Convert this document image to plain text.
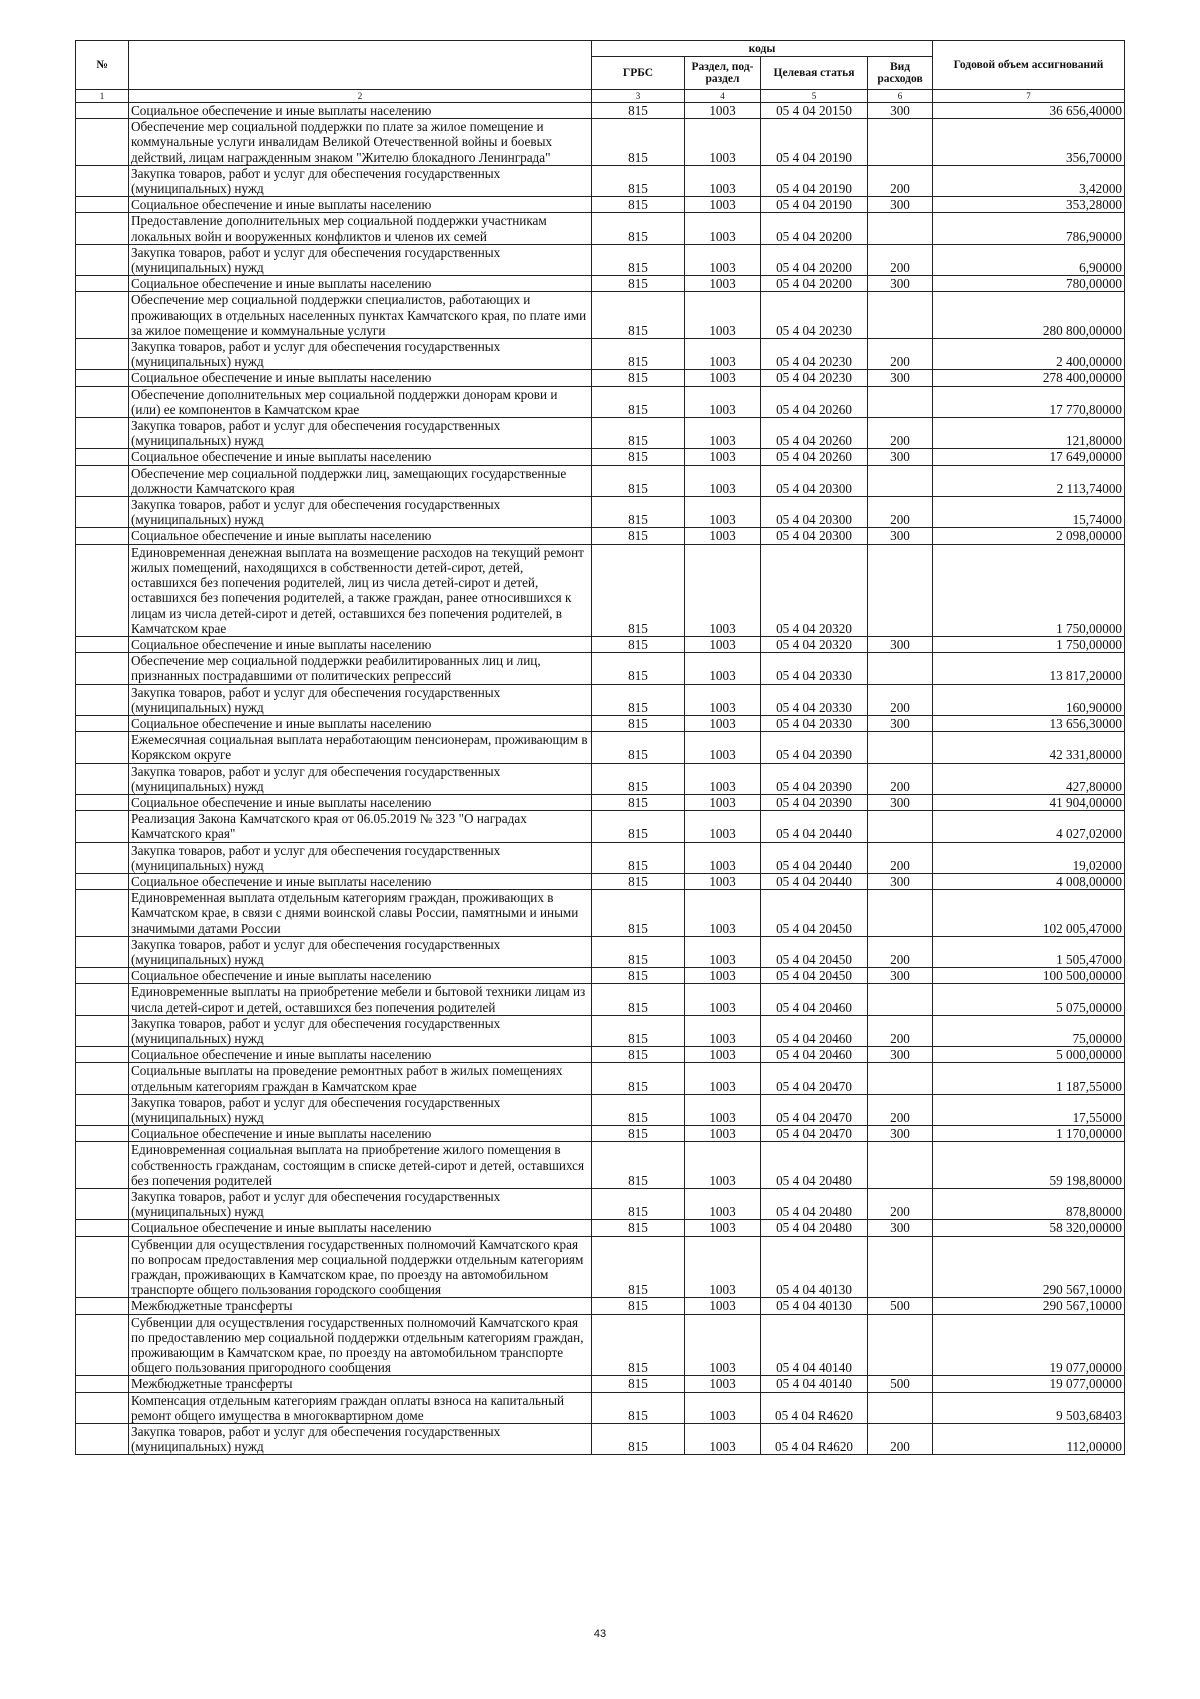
№		коды				Годовой объем ассигнований
		ГРБС	Раздел, под-раздел	Целевая статья	Вид расходов	
1	2	3	4	5	6	7
	Социальное обеспечение и иные выплаты населению	815	1003	05 4 04 20150	300	36 656,40000
	Обеспечение мер социальной поддержки по плате за жилое помещение и коммунальные услуги инвалидам Великой Отечественной войны и боевых действий, лицам награжденным знаком "Жителю блокадного Ленинграда"	815	1003	05 4 04 20190		356,70000
	Закупка товаров, работ и услуг для обеспечения государственных (муниципальных) нужд	815	1003	05 4 04 20190	200	3,42000
	Социальное обеспечение и иные выплаты населению	815	1003	05 4 04 20190	300	353,28000
	Предоставление дополнительных мер социальной поддержки участникам локальных войн и вооруженных конфликтов и членов их семей	815	1003	05 4 04 20200		786,90000
	Закупка товаров, работ и услуг для обеспечения государственных (муниципальных) нужд	815	1003	05 4 04 20200	200	6,90000
	Социальное обеспечение и иные выплаты населению	815	1003	05 4 04 20200	300	780,00000
	Обеспечение мер социальной поддержки специалистов, работающих и проживающих в отдельных населенных пунктах Камчатского края, по плате ими за жилое помещение и коммунальные услуги	815	1003	05 4 04 20230		280 800,00000
	Закупка товаров, работ и услуг для обеспечения государственных (муниципальных) нужд	815	1003	05 4 04 20230	200	2 400,00000
	Социальное обеспечение и иные выплаты населению	815	1003	05 4 04 20230	300	278 400,00000
	Обеспечение дополнительных мер социальной поддержки донорам крови и (или) ее компонентов в Камчатском крае	815	1003	05 4 04 20260		17 770,80000
	Закупка товаров, работ и услуг для обеспечения государственных (муниципальных) нужд	815	1003	05 4 04 20260	200	121,80000
	Социальное обеспечение и иные выплаты населению	815	1003	05 4 04 20260	300	17 649,00000
	Обеспечение мер социальной поддержки лиц, замещающих государственные должности Камчатского края	815	1003	05 4 04 20300		2 113,74000
	Закупка товаров, работ и услуг для обеспечения государственных (муниципальных) нужд	815	1003	05 4 04 20300	200	15,74000
	Социальное обеспечение и иные выплаты населению	815	1003	05 4 04 20300	300	2 098,00000
	Единовременная денежная выплата на возмещение расходов на текущий ремонт жилых помещений, находящихся в собственности детей-сирот, детей, оставшихся без попечения родителей, лиц из числа детей-сирот и детей, оставшихся без попечения родителей, а также граждан, ранее относившихся к лицам из числа детей-сирот и детей, оставшихся без попечения родителей, в Камчатском крае	815	1003	05 4 04 20320		1 750,00000
	Социальное обеспечение и иные выплаты населению	815	1003	05 4 04 20320	300	1 750,00000
	Обеспечение мер социальной поддержки реабилитированных лиц и лиц, признанных пострадавшими от политических репрессий	815	1003	05 4 04 20330		13 817,20000
	Закупка товаров, работ и услуг для обеспечения государственных (муниципальных) нужд	815	1003	05 4 04 20330	200	160,90000
	Социальное обеспечение и иные выплаты населению	815	1003	05 4 04 20330	300	13 656,30000
	Ежемесячная социальная выплата неработающим пенсионерам, проживающим в Корякском округе	815	1003	05 4 04 20390		42 331,80000
	Закупка товаров, работ и услуг для обеспечения государственных (муниципальных) нужд	815	1003	05 4 04 20390	200	427,80000
	Социальное обеспечение и иные выплаты населению	815	1003	05 4 04 20390	300	41 904,00000
	Реализация Закона Камчатского края от 06.05.2019 № 323 "О наградах Камчатского края"	815	1003	05 4 04 20440		4 027,02000
	Закупка товаров, работ и услуг для обеспечения государственных (муниципальных) нужд	815	1003	05 4 04 20440	200	19,02000
	Социальное обеспечение и иные выплаты населению	815	1003	05 4 04 20440	300	4 008,00000
	Единовременная выплата отдельным категориям граждан, проживающих в Камчатском крае, в связи с днями воинской славы России, памятными и иными значимыми датами России	815	1003	05 4 04 20450		102 005,47000
	Закупка товаров, работ и услуг для обеспечения государственных (муниципальных) нужд	815	1003	05 4 04 20450	200	1 505,47000
	Социальное обеспечение и иные выплаты населению	815	1003	05 4 04 20450	300	100 500,00000
	Единовременные выплаты на приобретение мебели и бытовой техники лицам из числа детей-сирот и детей, оставшихся без попечения родителей	815	1003	05 4 04 20460		5 075,00000
	Закупка товаров, работ и услуг для обеспечения государственных (муниципальных) нужд	815	1003	05 4 04 20460	200	75,00000
	Социальное обеспечение и иные выплаты населению	815	1003	05 4 04 20460	300	5 000,00000
	Социальные выплаты на проведение ремонтных работ в жилых помещениях отдельным категориям граждан в Камчатском крае	815	1003	05 4 04 20470		1 187,55000
	Закупка товаров, работ и услуг для обеспечения государственных (муниципальных) нужд	815	1003	05 4 04 20470	200	17,55000
	Социальное обеспечение и иные выплаты населению	815	1003	05 4 04 20470	300	1 170,00000
	Единовременная социальная выплата на приобретение жилого помещения в собственность гражданам, состоящим в списке детей-сирот и детей, оставшихся без попечения родителей	815	1003	05 4 04 20480		59 198,80000
	Закупка товаров, работ и услуг для обеспечения государственных (муниципальных) нужд	815	1003	05 4 04 20480	200	878,80000
	Социальное обеспечение и иные выплаты населению	815	1003	05 4 04 20480	300	58 320,00000
	Субвенции для осуществления государственных полномочий Камчатского края по вопросам предоставления мер социальной поддержки отдельным категориям граждан, проживающих в Камчатском крае, по проезду на автомобильном транспорте общего пользования городского сообщения	815	1003	05 4 04 40130		290 567,10000
	Межбюджетные трансферты	815	1003	05 4 04 40130	500	290 567,10000
	Субвенции для осуществления государственных полномочий Камчатского края по предоставлению мер социальной поддержки отдельным категориям граждан, проживающим в Камчатском крае, по проезду на автомобильном транспорте общего пользования пригородного сообщения	815	1003	05 4 04 40140		19 077,00000
	Межбюджетные трансферты	815	1003	05 4 04 40140	500	19 077,00000
	Компенсация отдельным категориям граждан оплаты взноса на капитальный ремонт общего имущества в многоквартирном доме	815	1003	05 4 04 R4620		9 503,68403
	Закупка товаров, работ и услуг для обеспечения государственных (муниципальных) нужд	815	1003	05 4 04 R4620	200	112,00000
43
